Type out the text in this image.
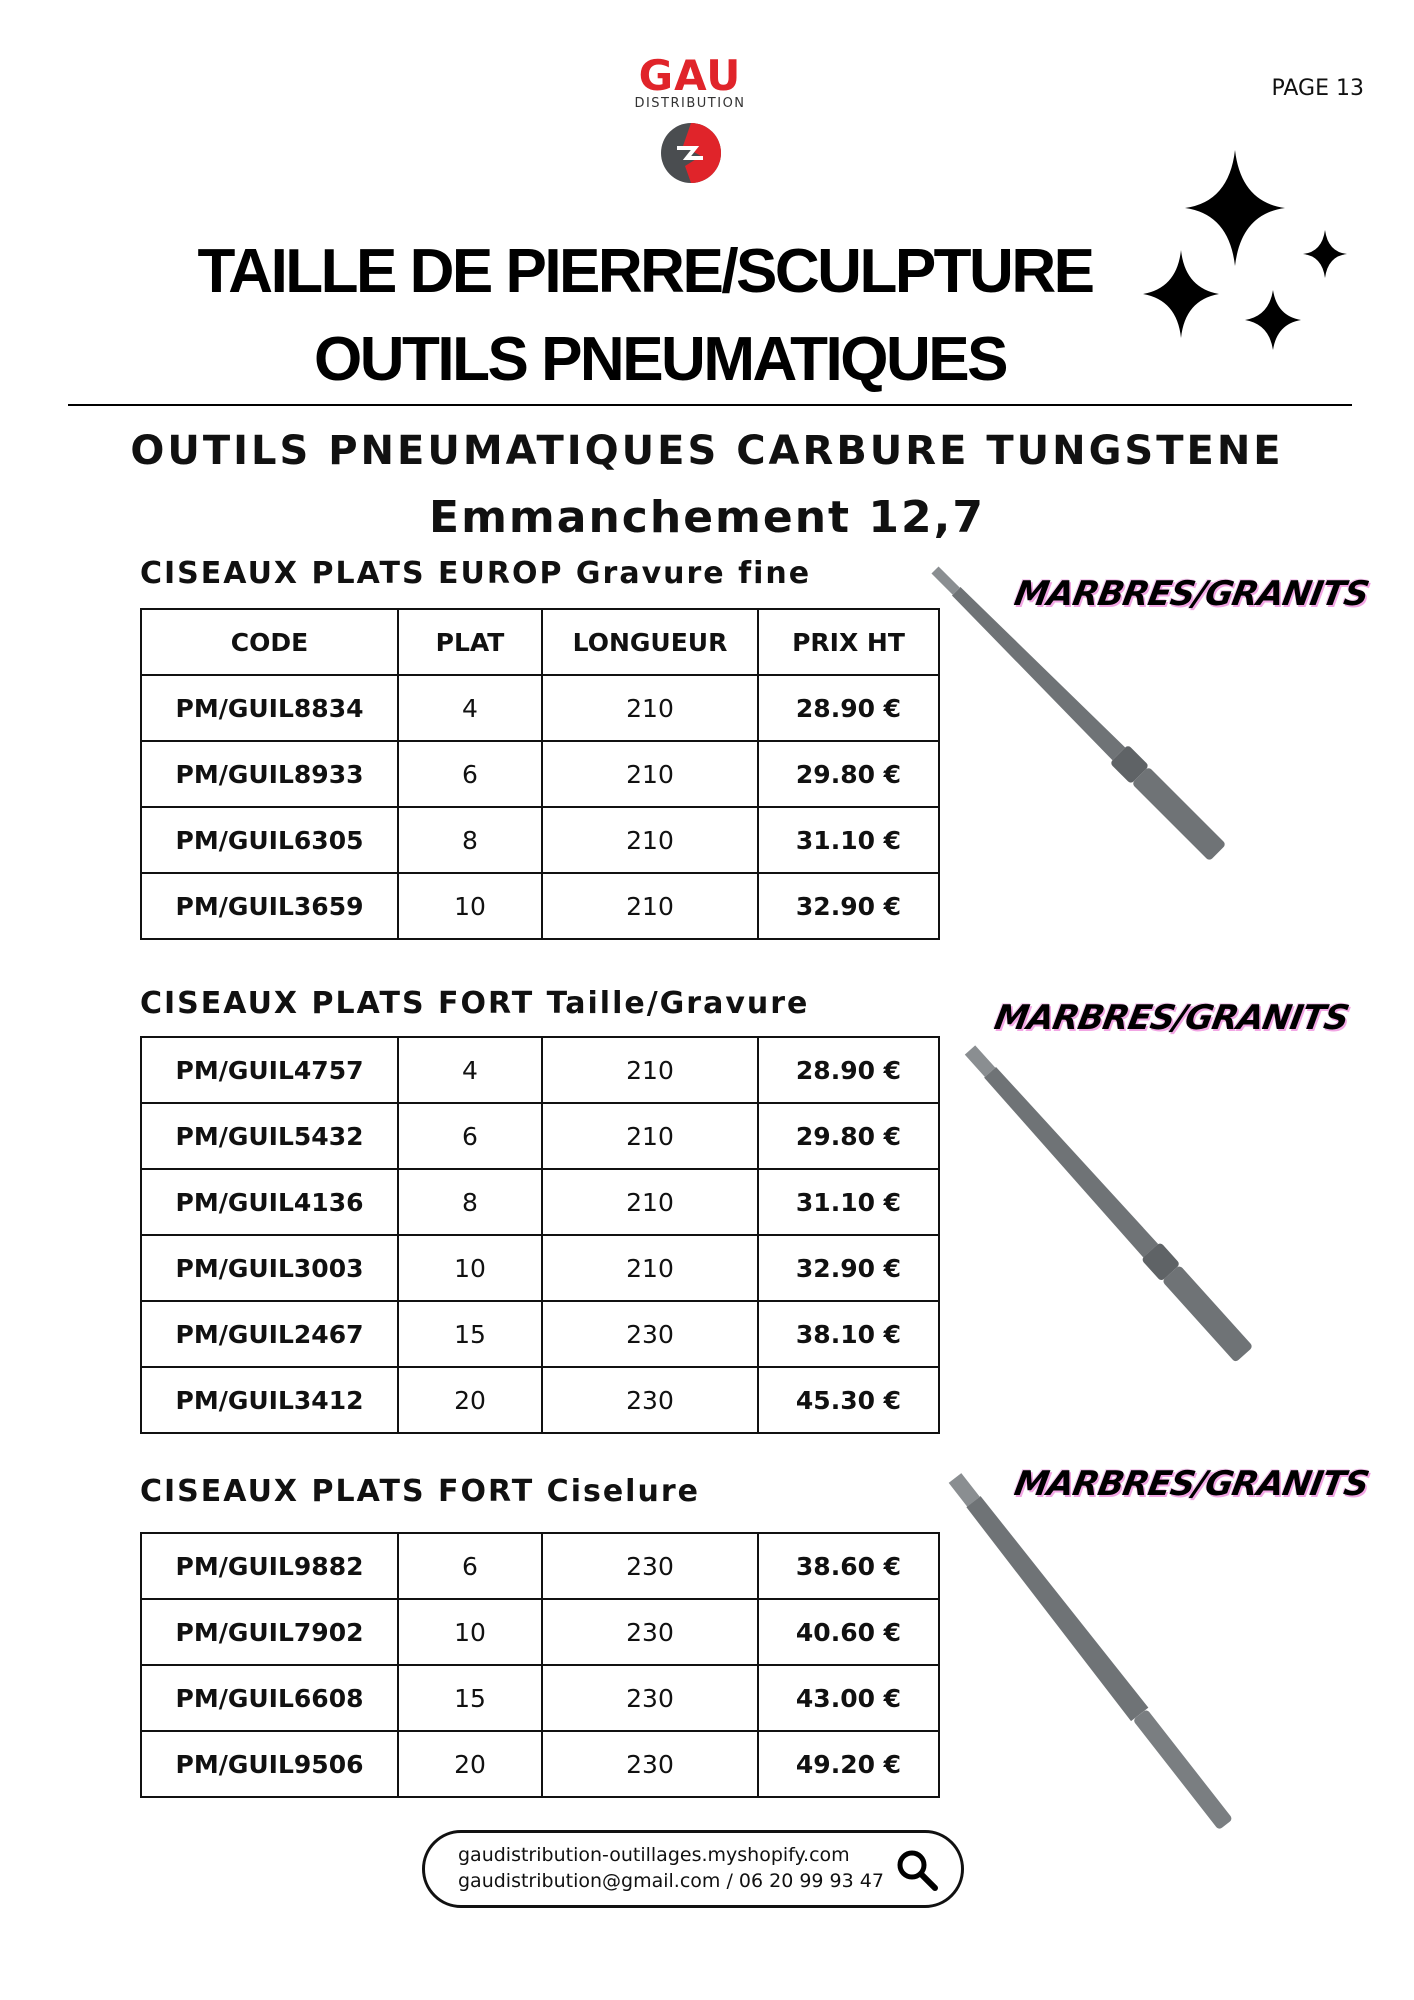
GAU
DISTRIBUTION
PAGE 13
TAILLE DE PIERRE/SCULPTURE
OUTILS PNEUMATIQUES
OUTILS PNEUMATIQUES CARBURE TUNGSTENE
Emmanchement 12,7
CISEAUX PLATS EUROP Gravure fine
CODE	PLAT	LONGUEUR	PRIX HT
PM/GUIL8834	4	210	28.90 €
PM/GUIL8933	6	210	29.80 €
PM/GUIL6305	8	210	31.10 €
PM/GUIL3659	10	210	32.90 €
MARBRES/GRANITS
CISEAUX PLATS FORT Taille/Gravure
PM/GUIL4757	4	210	28.90 €
PM/GUIL5432	6	210	29.80 €
PM/GUIL4136	8	210	31.10 €
PM/GUIL3003	10	210	32.90 €
PM/GUIL2467	15	230	38.10 €
PM/GUIL3412	20	230	45.30 €
MARBRES/GRANITS
CISEAUX PLATS FORT Ciselure
PM/GUIL9882	6	230	38.60 €
PM/GUIL7902	10	230	40.60 €
PM/GUIL6608	15	230	43.00 €
PM/GUIL9506	20	230	49.20 €
MARBRES/GRANITS
gaudistribution-outillages.myshopify.com
gaudistribution@gmail.com / 06 20 99 93 47
